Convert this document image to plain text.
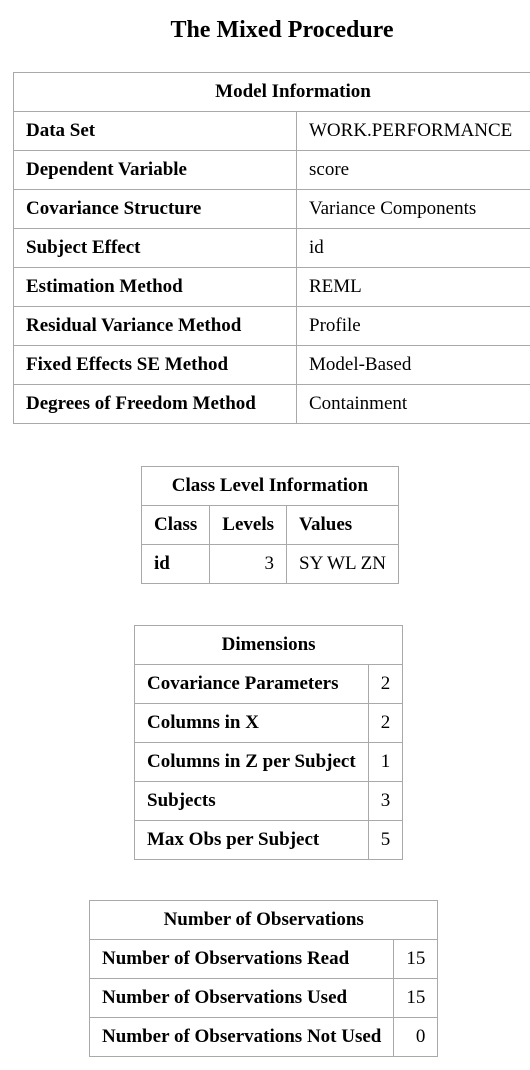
The Mixed Procedure
Model Information	
Data Set	WORK.PERFORMANCE
Dependent Variable	score
Covariance Structure	Variance Components
Subject Effect	id
Estimation Method	REML
Residual Variance Method	Profile
Fixed Effects SE Method	Model-Based
Degrees of Freedom Method	Containment
Class Level Information		
Class	Levels	Values
id	3	SY WL ZN
Dimensions	
Covariance Parameters	2
Columns in X	2
Columns in Z per Subject	1
Subjects	3
Max Obs per Subject	5
Number of Observations	
Number of Observations Read	15
Number of Observations Used	15
Number of Observations Not Used	0
